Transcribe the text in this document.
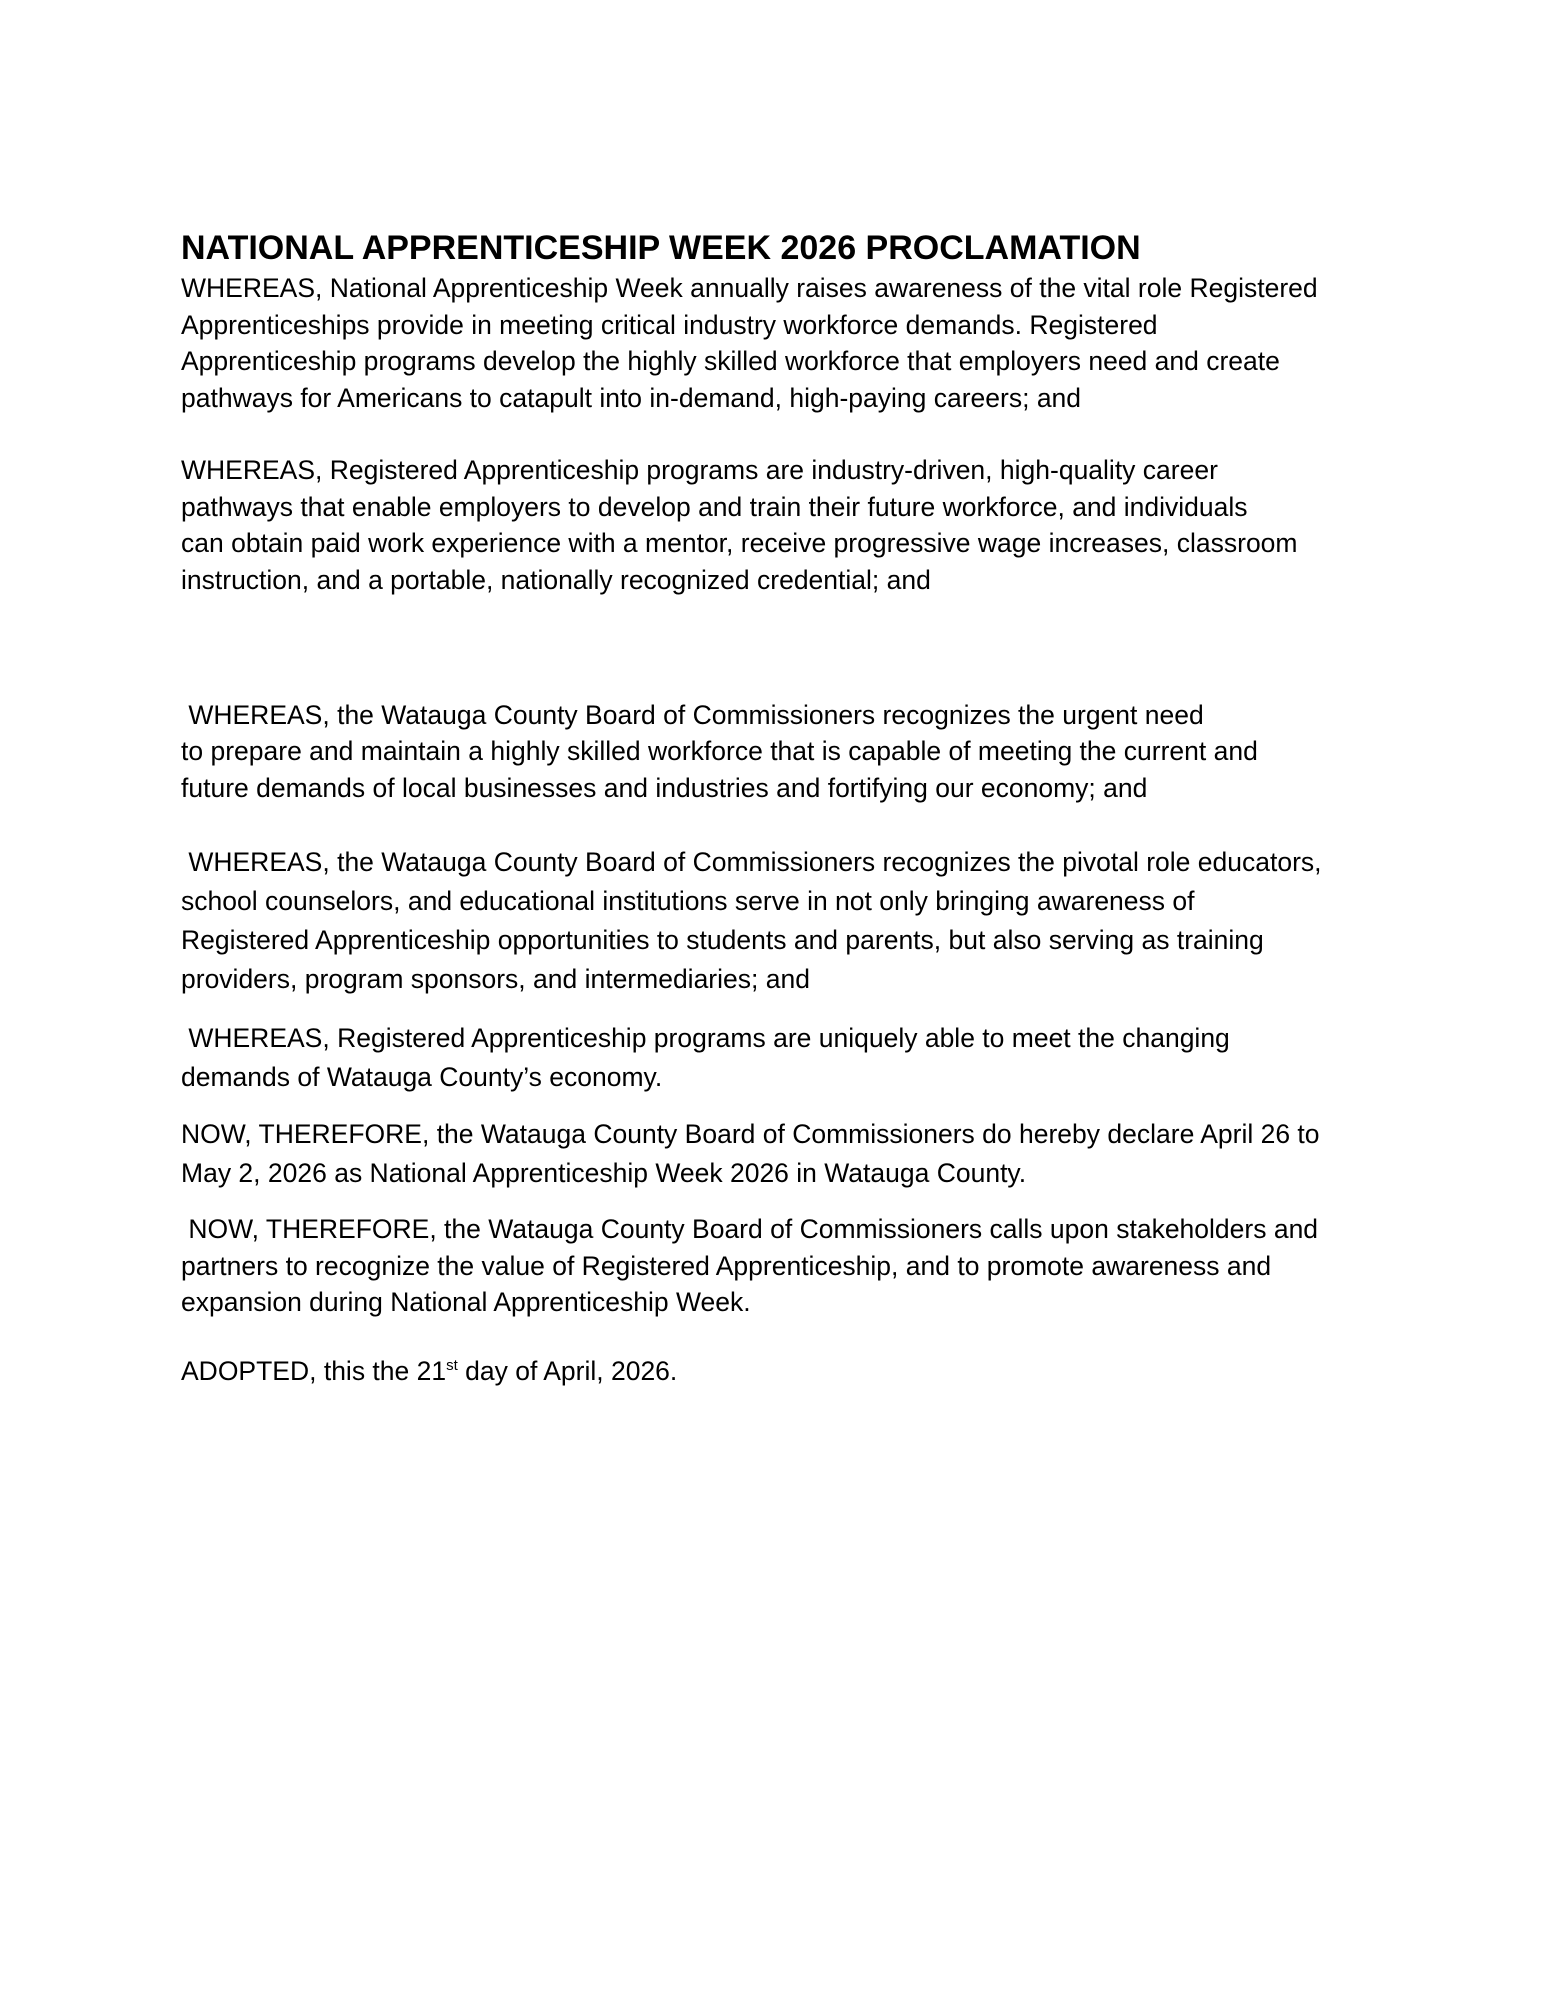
NATIONAL APPRENTICESHIP WEEK 2026 PROCLAMATION

WHEREAS, National Apprenticeship Week annually raises awareness of the vital role Registered
Apprenticeships provide in meeting critical industry workforce demands. Registered
Apprenticeship programs develop the highly skilled workforce that employers need and create
pathways for Americans to catapult into in-demand, high-paying careers; and

WHEREAS, Registered Apprenticeship programs are industry-driven, high-quality career
pathways that enable employers to develop and train their future workforce, and individuals
can obtain paid work experience with a mentor, receive progressive wage increases, classroom
instruction, and a portable, nationally recognized credential; and

WHEREAS, the Watauga County Board of Commissioners recognizes the urgent need
to prepare and maintain a highly skilled workforce that is capable of meeting the current and
future demands of local businesses and industries and fortifying our economy; and

WHEREAS, the Watauga County Board of Commissioners recognizes the pivotal role educators,
school counselors, and educational institutions serve in not only bringing awareness of
Registered Apprenticeship opportunities to students and parents, but also serving as training
providers, program sponsors, and intermediaries; and

WHEREAS, Registered Apprenticeship programs are uniquely able to meet the changing
demands of Watauga County’s economy.

NOW, THEREFORE, the Watauga County Board of Commissioners do hereby declare April 26 to
May 2, 2026 as National Apprenticeship Week 2026 in Watauga County.

NOW, THEREFORE, the Watauga County Board of Commissioners calls upon stakeholders and
partners to recognize the value of Registered Apprenticeship, and to promote awareness and
expansion during National Apprenticeship Week.

ADOPTED, this the 21st day of April, 2026.
